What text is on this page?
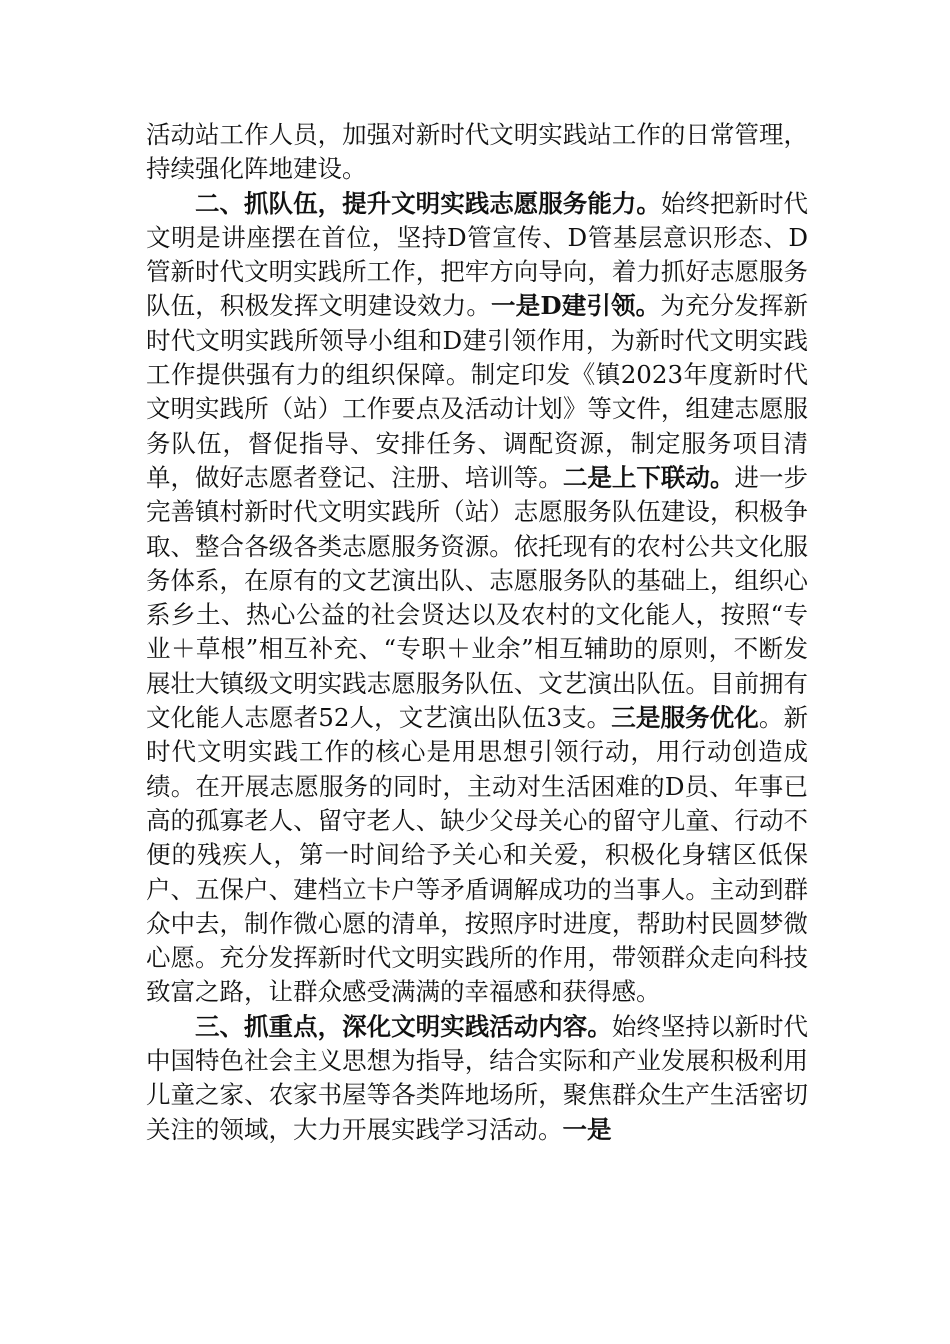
活动站工作人员，加强对新时代文明实践站工作的日常管理，持续强化阵地建设。

二、抓队伍，提升文明实践志愿服务能力。始终把新时代文明是讲座摆在首位，坚持D管宣传、D管基层意识形态、D管新时代文明实践所工作，把牢方向导向，着力抓好志愿服务队伍，积极发挥文明建设效力。一是D建引领。为充分发挥新时代文明实践所领导小组和D建引领作用，为新时代文明实践工作提供强有力的组织保障。制定印发《镇2023年度新时代文明实践所（站）工作要点及活动计划》等文件，组建志愿服务队伍，督促指导、安排任务、调配资源，制定服务项目清单，做好志愿者登记、注册、培训等。二是上下联动。进一步完善镇村新时代文明实践所（站）志愿服务队伍建设，积极争取、整合各级各类志愿服务资源。依托现有的农村公共文化服务体系，在原有的文艺演出队、志愿服务队的基础上，组织心系乡土、热心公益的社会贤达以及农村的文化能人，按照“专业＋草根”相互补充、“专职＋业余”相互辅助的原则，不断发展壮大镇级文明实践志愿服务队伍、文艺演出队伍。目前拥有文化能人志愿者52人，文艺演出队伍3支。三是服务优化。新时代文明实践工作的核心是用思想引领行动，用行动创造成绩。在开展志愿服务的同时，主动对生活困难的D员、年事已高的孤寡老人、留守老人、缺少父母关心的留守儿童、行动不便的残疾人，第一时间给予关心和关爱，积极化身辖区低保户、五保户、建档立卡户等矛盾调解成功的当事人。主动到群众中去，制作微心愿的清单，按照序时进度，帮助村民圆梦微心愿。充分发挥新时代文明实践所的作用，带领群众走向科技致富之路，让群众感受满满的幸福感和获得感。

三、抓重点，深化文明实践活动内容。始终坚持以新时代中国特色社会主义思想为指导，结合实际和产业发展积极利用儿童之家、农家书屋等各类阵地场所，聚焦群众生产生活密切关注的领域，大力开展实践学习活动。一是
